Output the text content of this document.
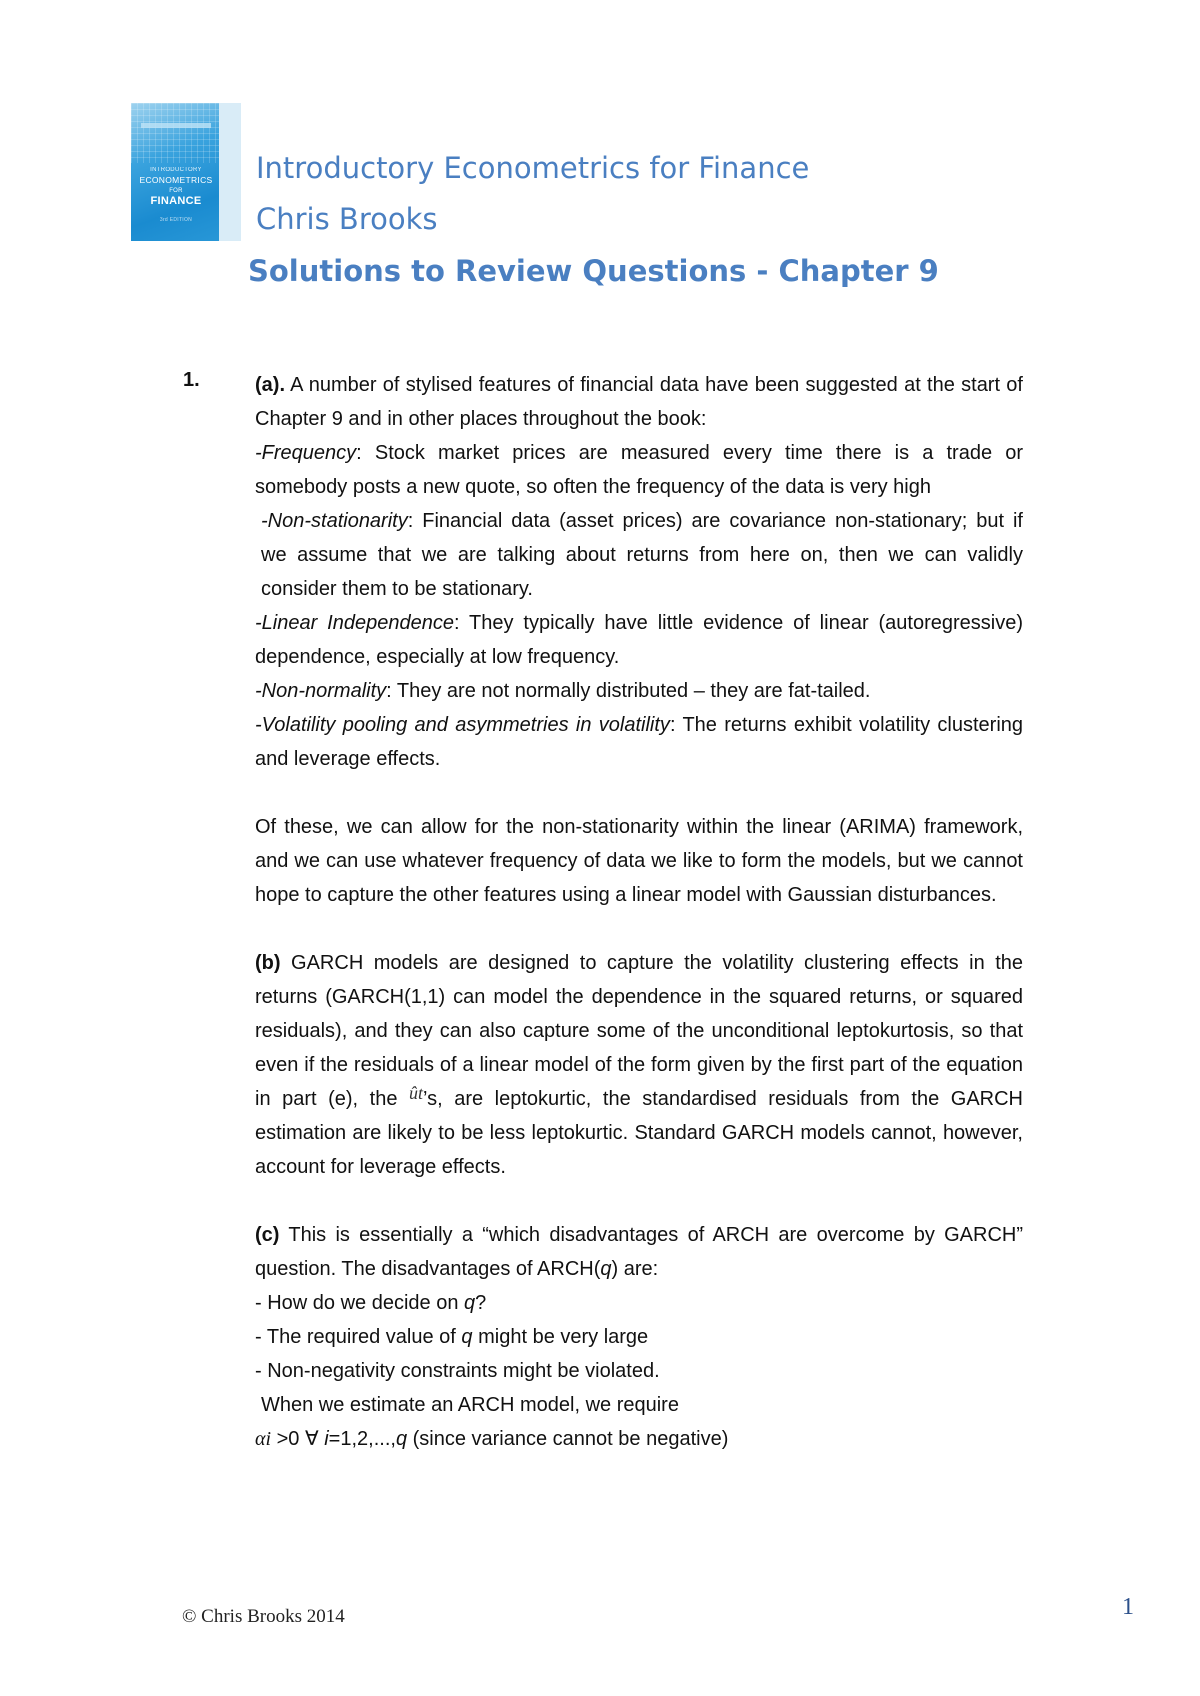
INTRODUCTORY
ECONOMETRICS
FOR
FINANCE
3rd EDITION
Introductory Econometrics for Finance
Chris Brooks
Solutions to Review Questions - Chapter 9
1.	(a). A number of stylised features of financial data have been suggested at the start of Chapter 9 and in other places throughout the book:

-Frequency: Stock market prices are measured every time there is a trade or somebody posts a new quote, so often the frequency of the data is very high

-Non-stationarity: Financial data (asset prices) are covariance non-stationary; but if we assume that we are talking about returns from here on, then we can validly consider them to be stationary.

-Linear Independence: They typically have little evidence of linear (autoregressive) dependence, especially at low frequency.

-Non-normality: They are not normally distributed – they are fat-tailed.

-Volatility pooling and asymmetries in volatility: The returns exhibit volatility clustering and leverage effects.

Of these, we can allow for the non-stationarity within the linear (ARIMA) framework, and we can use whatever frequency of data we like to form the models, but we cannot hope to capture the other features using a linear model with Gaussian disturbances.

(b) GARCH models are designed to capture the volatility clustering effects in the returns (GARCH(1,1) can model the dependence in the squared returns, or squared residuals), and they can also capture some of the unconditional leptokurtosis, so that even if the residuals of a linear model of the form given by the first part of the equation in part (e), the ût’s, are leptokurtic, the standardised residuals from the GARCH estimation are likely to be less leptokurtic. Standard GARCH models cannot, however, account for leverage effects.

(c) This is essentially a “which disadvantages of ARCH are overcome by GARCH” question. The disadvantages of ARCH(q) are:

- How do we decide on q?

- The required value of q might be very large

- Non-negativity constraints might be violated.

When we estimate an ARCH model, we require

αi >0 ∀ i=1,2,...,q (since variance cannot be negative)

© Chris Brooks 2014	1
